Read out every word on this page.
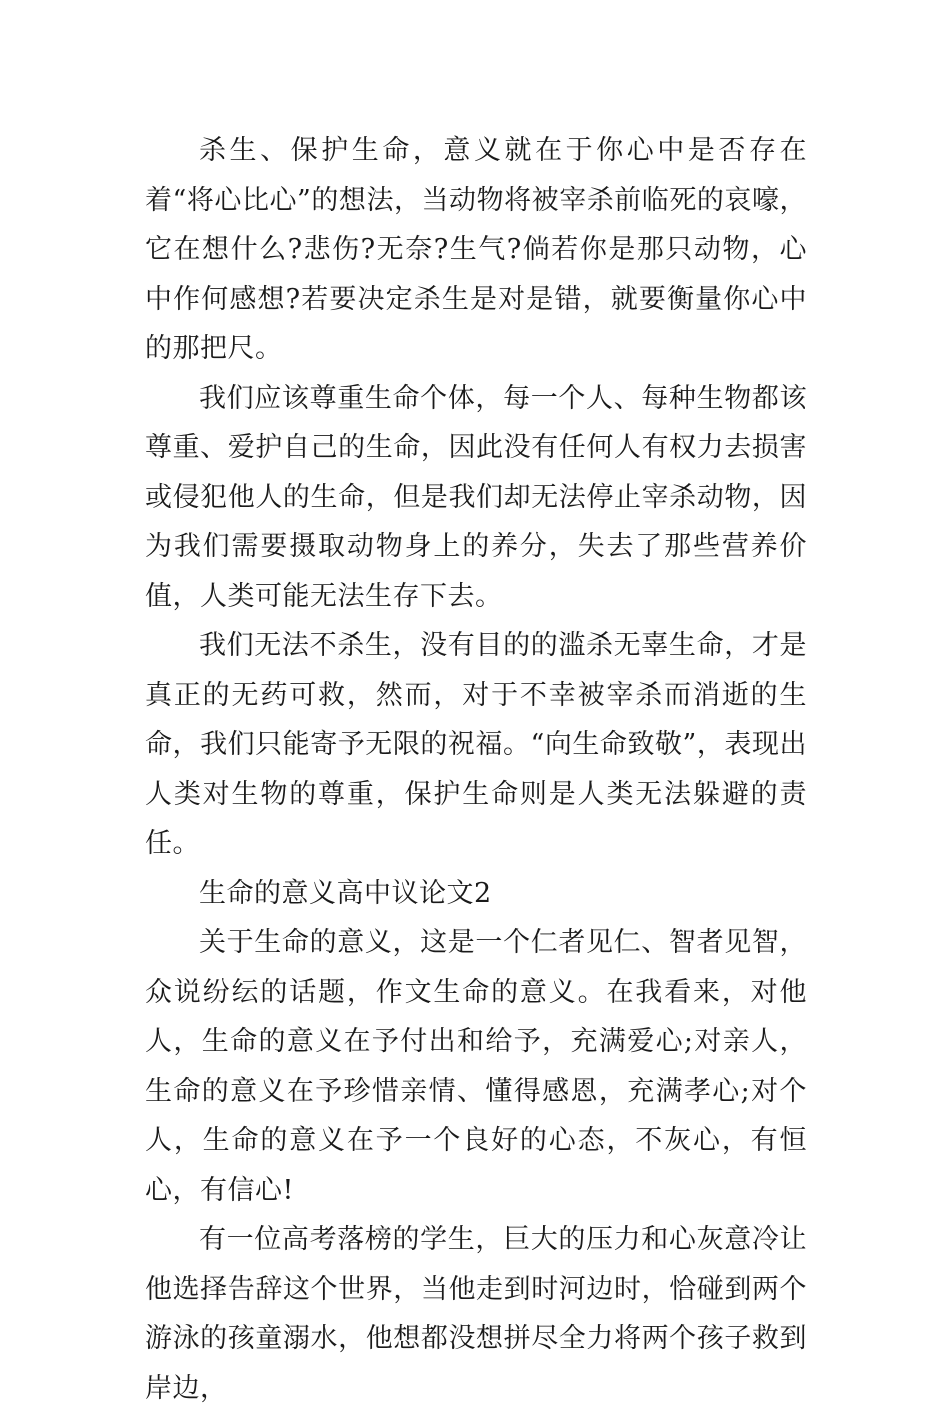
杀生、保护生命，意义就在于你心中是否存在着“将心比心”的想法，当动物将被宰杀前临死的哀嚎，它在想什么?悲伤?无奈?生气?倘若你是那只动物，心中作何感想?若要决定杀生是对是错，就要衡量你心中的那把尺。

我们应该尊重生命个体，每一个人、每种生物都该尊重、爱护自己的生命，因此没有任何人有权力去损害或侵犯他人的生命，但是我们却无法停止宰杀动物，因为我们需要摄取动物身上的养分，失去了那些营养价值，人类可能无法生存下去。

我们无法不杀生，没有目的的滥杀无辜生命，才是真正的无药可救，然而，对于不幸被宰杀而消逝的生命，我们只能寄予无限的祝福。“向生命致敬”，表现出人类对生物的尊重，保护生命则是人类无法躲避的责任。

生命的意义高中议论文2

关于生命的意义，这是一个仁者见仁、智者见智，众说纷纭的话题，作文生命的意义。在我看来，对他人，生命的意义在予付出和给予，充满爱心;对亲人，生命的意义在予珍惜亲情、懂得感恩，充满孝心;对个人，生命的意义在予一个良好的心态，不灰心，有恒心，有信心!

有一位高考落榜的学生，巨大的压力和心灰意冷让他选择告辞这个世界，当他走到时河边时，恰碰到两个游泳的孩童溺水，他想都没想拼尽全力将两个孩子救到岸边，
